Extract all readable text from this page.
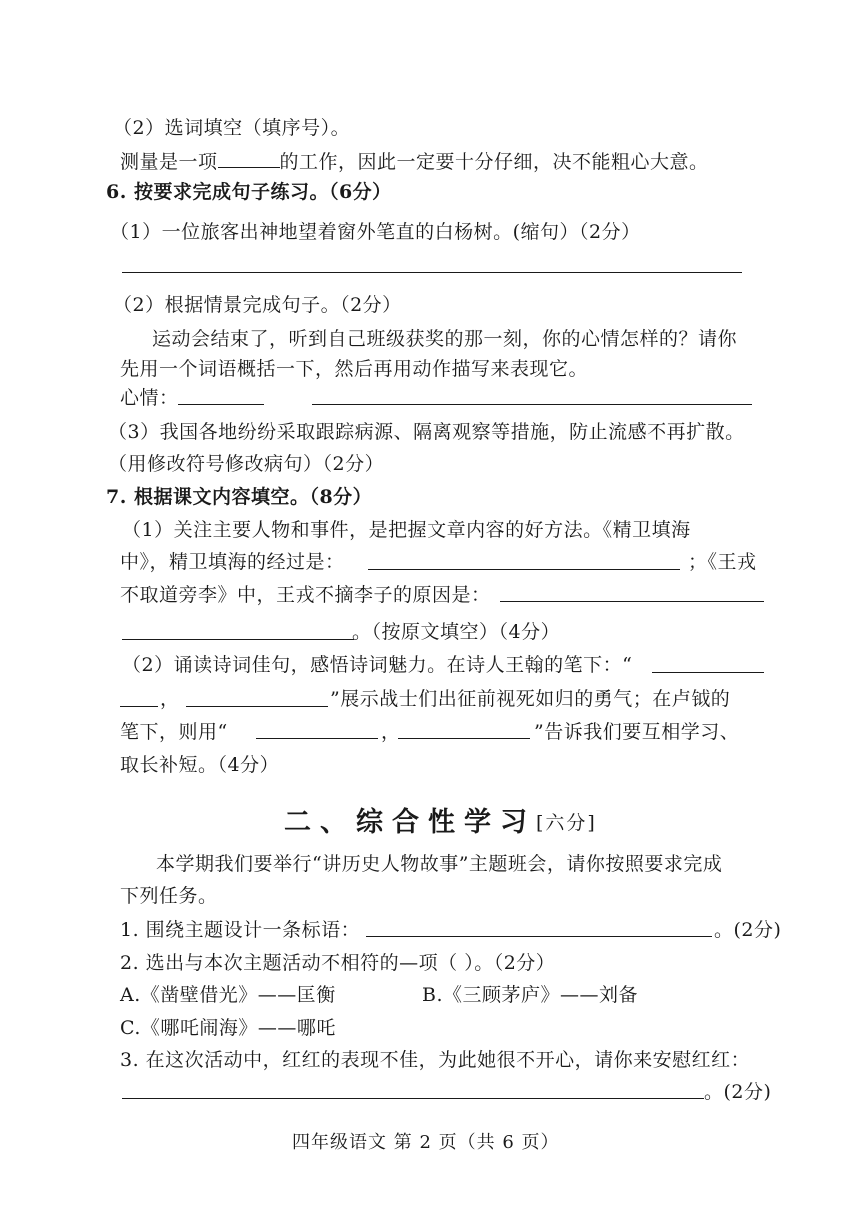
（2）选词填空（填序号）。
测量是一项	的工作，因此一定要十分仔细，决不能粗心大意。
6. 按要求完成句子练习。（6分）
（1）一位旅客出神地望着窗外笔直的白杨树。(缩句）（2分）
（2）根据情景完成句子。（2分）
运动会结束了，听到自己班级获奖的那一刻，你的心情怎样的？请你
先用一个词语概括一下，然后再用动作描写来表现它。
心情：
（3）我国各地纷纷采取跟踪病源、隔离观察等措施，防止流感不再扩散。
（用修改符号修改病句）（2分）
7. 根据课文内容填空。（8分）
（1）关注主要人物和事件，是把握文章内容的好方法。《精卫填海
中》，精卫填海的经过是：	；《王戎
不取道旁李》中，王戎不摘李子的原因是：
。（按原文填空）（4分）
（2）诵读诗词佳句，感悟诗词魅力。在诗人王翰的笔下：“
，	”展示战士们出征前视死如归的勇气；在卢钺的
笔下，则用“	，	”告诉我们要互相学习、
取长补短。（4分）
二、综合性学习 [六分]
本学期我们要举行“讲历史人物故事”主题班会，请你按照要求完成
下列任务。
1. 围绕主题设计一条标语：	。(2分)
2. 选出与本次主题活动不相符的—项（ ）。（2分）
A.《凿壁借光》——匡衡	B.《三顾茅庐》——刘备
C.《哪吒闹海》——哪吒
3. 在这次活动中，红红的表现不佳，为此她很不开心，请你来安慰红红：
。(2分)
四年级语文 第 2 页（共 6 页）
